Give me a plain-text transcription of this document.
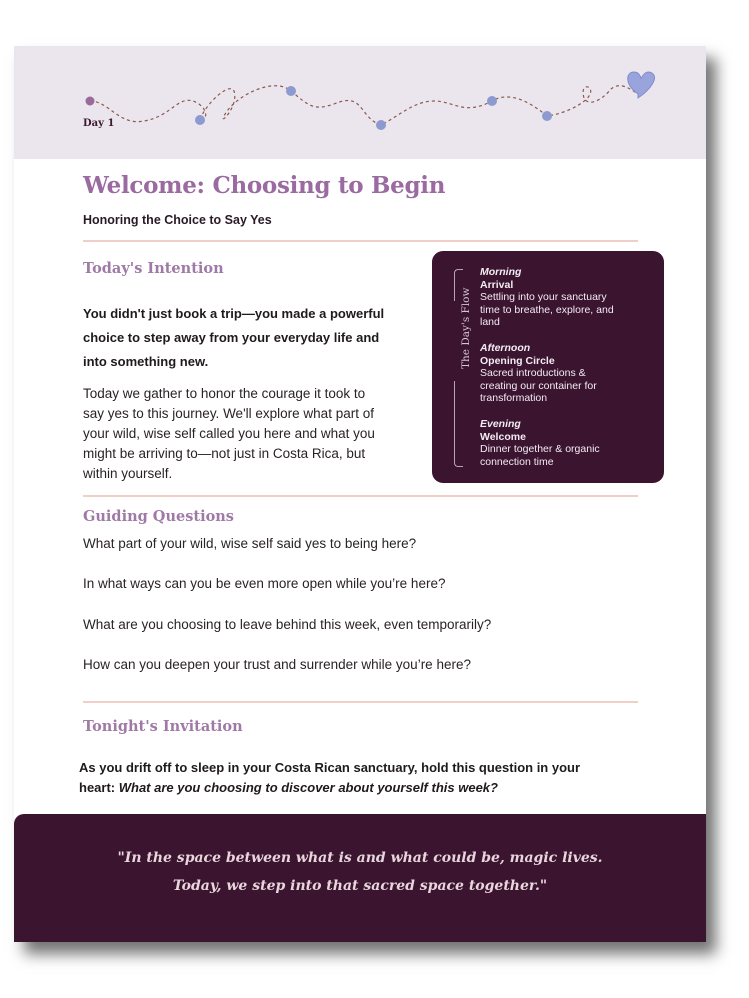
Day 1
Welcome: Choosing to Begin
Honoring the Choice to Say Yes
Today's Intention
You didn't just book a trip—you made a powerful
choice to step away from your everyday life and
into something new.
Today we gather to honor the courage it took to
say yes to this journey. We'll explore what part of
your wild, wise self called you here and what you
might be arriving to—not just in Costa Rica, but
within yourself.
The Day's Flow
Morning
Arrival
Settling into your sanctuary
time to breathe, explore, and
land
Afternoon
Opening Circle
Sacred introductions &
creating our container for
transformation
Evening
Welcome
Dinner together & organic
connection time
Guiding Questions
What part of your wild, wise self said yes to being here?
In what ways can you be even more open while you’re here?
What are you choosing to leave behind this week, even temporarily?
How can you deepen your trust and surrender while you’re here?
Tonight's Invitation
As you drift off to sleep in your Costa Rican sanctuary, hold this question in your
heart: What are you choosing to discover about yourself this week?
"In the space between what is and what could be, magic lives.
Today, we step into that sacred space together."
